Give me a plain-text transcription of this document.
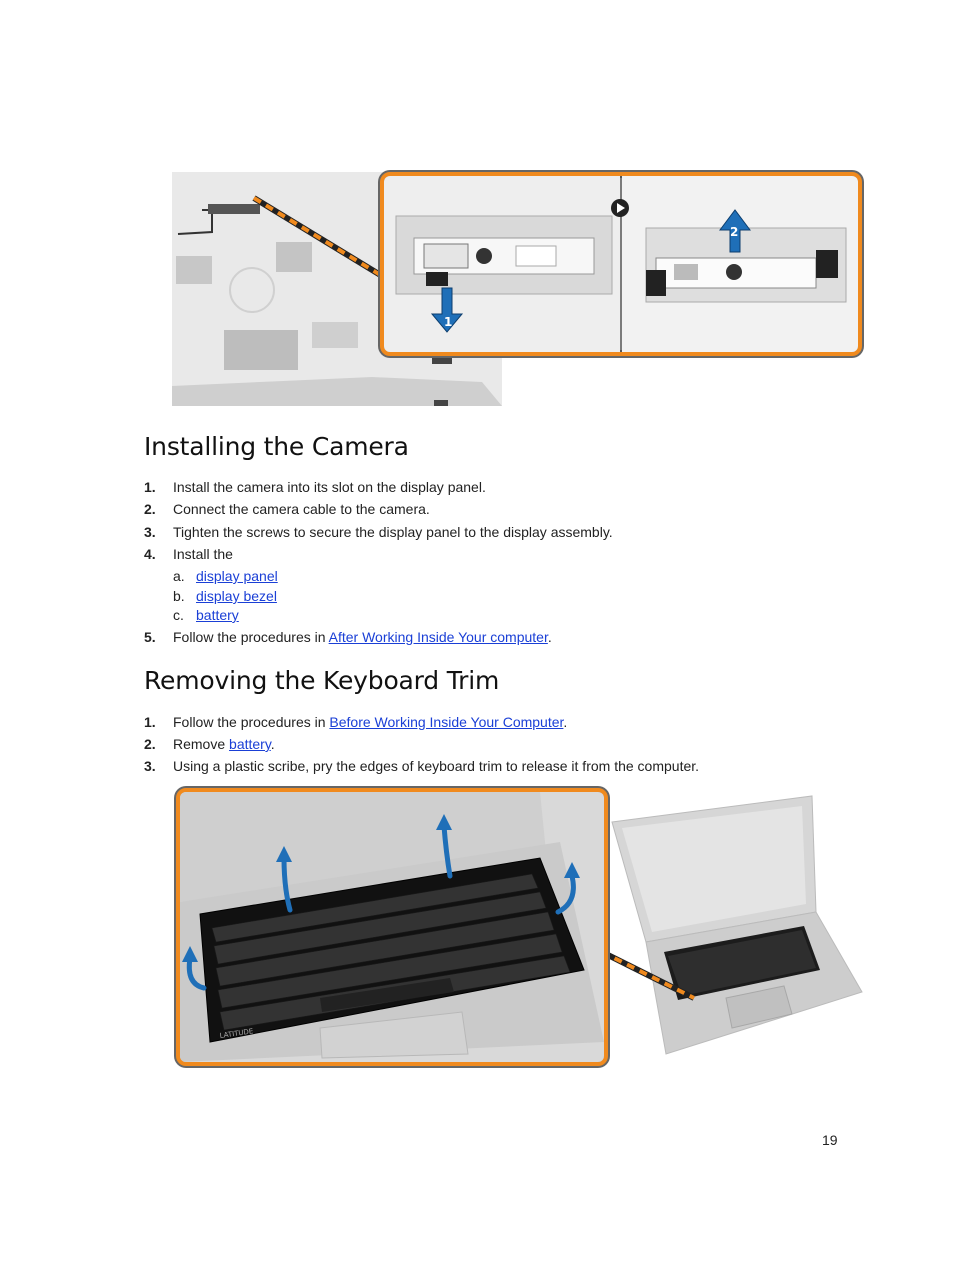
1
2
Installing the Camera
1. Install the camera into its slot on the display panel.
2. Connect the camera cable to the camera.
3. Tighten the screws to secure the display panel to the display assembly.
4. Install the
a. display panel
b. display bezel
c. battery
5. Follow the procedures in After Working Inside Your computer.
Removing the Keyboard Trim
1. Follow the procedures in Before Working Inside Your Computer.
2. Remove battery.
3. Using a plastic scribe, pry the edges of keyboard trim to release it from the computer.
LATITUDE
19
